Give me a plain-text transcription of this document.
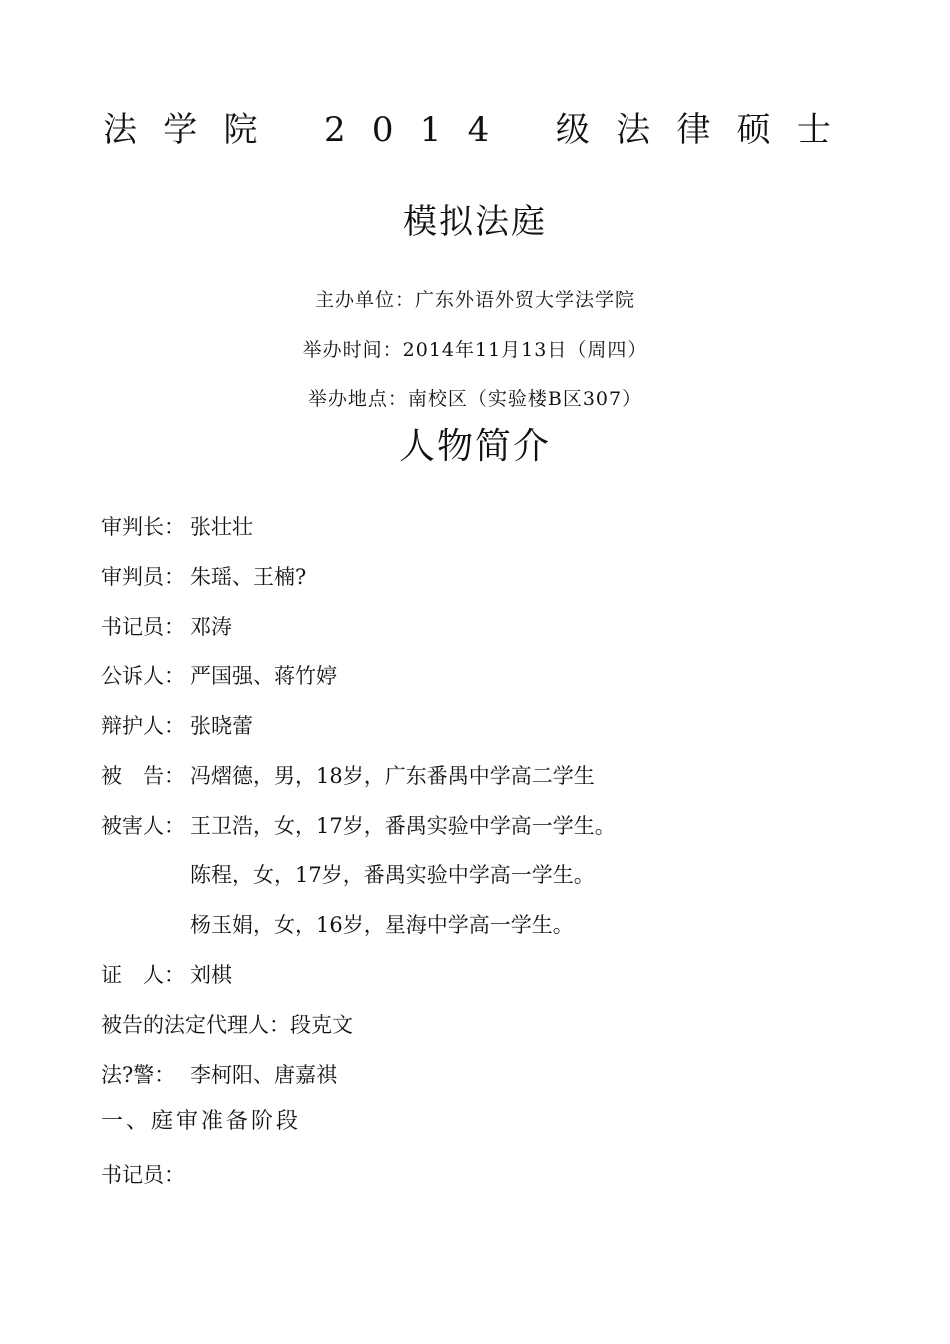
法 学 院 2 0 1 4 级 法 律 硕 士
模拟法庭
主办单位：广东外语外贸大学法学院
举办时间：2014年11月13日（周四）
举办地点：南校区（实验楼B区307）
人物简介
审判长： 张壮壮
审判员： 朱瑶、王楠?
书记员： 邓涛
公诉人： 严国强、蒋竹婷
辩护人： 张晓蕾
被　告： 冯熠德，男，18岁，广东番禺中学高二学生
被害人： 王卫浩，女，17岁，番禺实验中学高一学生。
陈程，女，17岁，番禺实验中学高一学生。
杨玉娟，女，16岁，星海中学高一学生。
证　人： 刘棋
被告的法定代理人：段克文
法?警： 李柯阳、唐嘉祺
一、庭审准备阶段
书记员：
